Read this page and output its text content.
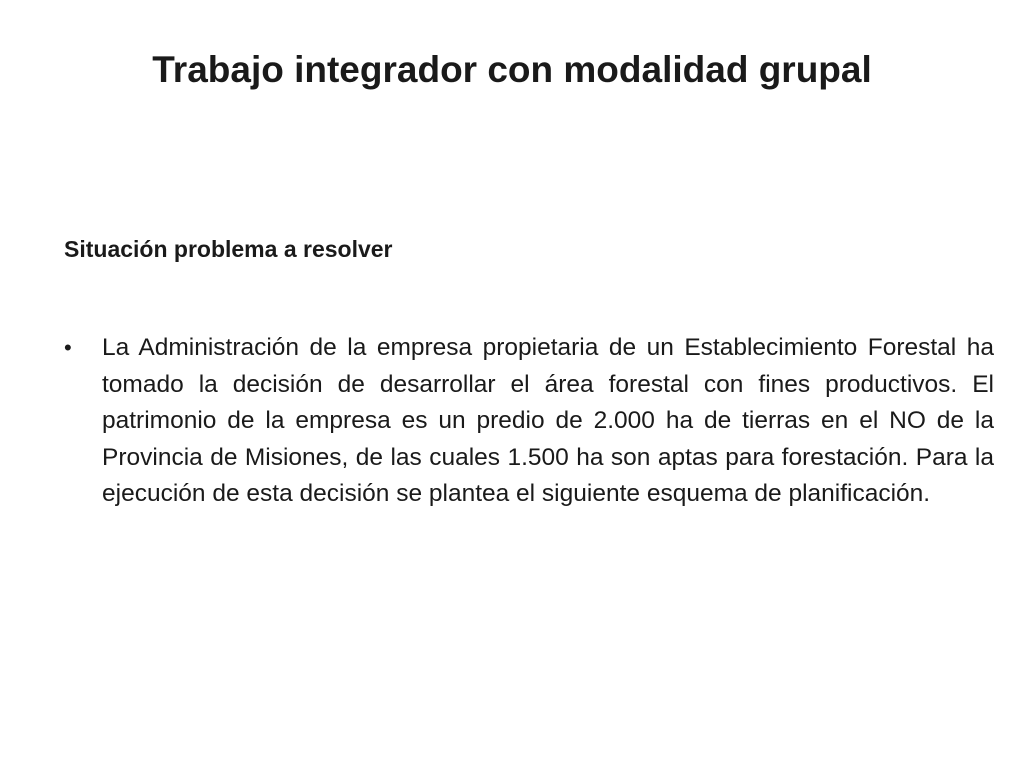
Trabajo integrador con modalidad grupal
Situación problema a resolver
•	La Administración de la empresa propietaria de un Establecimiento Forestal ha tomado la decisión de desarrollar el área forestal con fines productivos. El patrimonio de la empresa es un predio de 2.000 ha de tierras en el NO de la Provincia de Misiones, de las cuales 1.500 ha son aptas para forestación. Para la ejecución de esta decisión se plantea el siguiente esquema de planificación.
